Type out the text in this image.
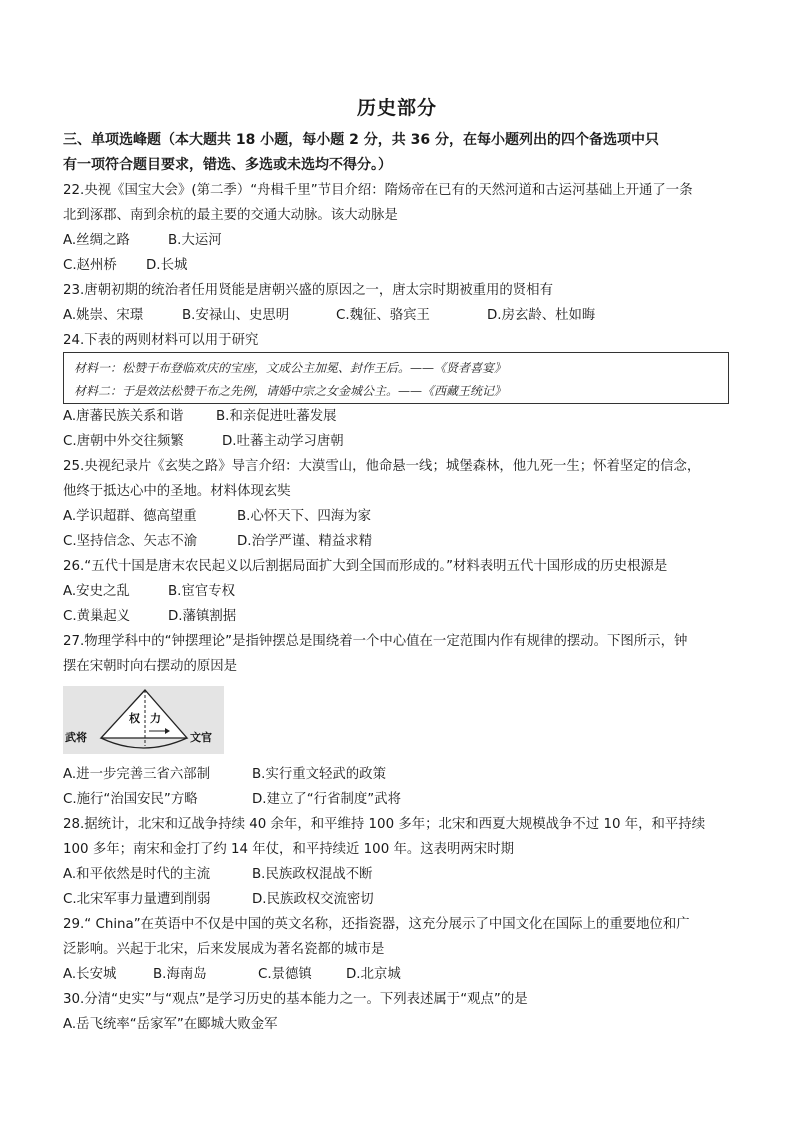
历史部分
三、单项选峰题（本大题共 18 小题，每小题 2 分，共 36 分，在每小题列出的四个备选项中只
有一项符合题目要求，错选、多选或未选均不得分。）
22.央视《国宝大会》(第二季）“舟楫千里”节目介绍：隋炀帝在已有的天然河道和古运河基础上开通了一条
北到涿郡、南到余杭的最主要的交通大动脉。该大动脉是
A.丝绸之路	B.大运河
C.赵州桥 D.长城
23.唐朝初期的统治者任用贤能是唐朝兴盛的原因之一，唐太宗时期被重用的贤相有
A.姚崇、宋璟	B.安禄山、史思明	C.魏征、骆宾王	D.房玄龄、杜如晦
24.下表的两则材料可以用于研究
材料一：松赞干布登临欢庆的宝座，文成公主加冕、封作王后。——《贤者喜宴》
材料二：于是效法松赞干布之先例，请婚中宗之女金城公主。——《西藏王统记》
A.唐蕃民族关系和谐 B.和亲促进吐蕃发展
C.唐朝中外交往频繁	D.吐蕃主动学习唐朝
25.央视纪录片《玄奘之路》导言介绍：大漠雪山，他命悬一线；城堡森林，他九死一生；怀着坚定的信念，
他终于抵达心中的圣地。材料体现玄奘
A.学识超群、德高望重	B.心怀天下、四海为家
C.坚持信念、矢志不渝	D.治学严谨、精益求精
26.“五代十国是唐末农民起义以后割据局面扩大到全国而形成的。”材料表明五代十国形成的历史根源是
A.安史之乱	B.宦官专权
C.黄巢起义	D.藩镇割据
27.物理学科中的“钟摆理论”是指钟摆总是围绕着一个中心值在一定范围内作有规律的摆动。下图所示，钟
摆在宋朝时向右摆动的原因是
武将	文官
权 力
A.进一步完善三省六部制	B.实行重文轻武的政策
C.施行“治国安民”方略	D.建立了“行省制度”武将
28.据统计，北宋和辽战争持续 40 余年，和平维持 100 多年；北宋和西夏大规模战争不过 10 年，和平持续
100 多年；南宋和金打了约 14 年仗，和平持续近 100 年。这表明两宋时期
A.和平依然是时代的主流	B.民族政权混战不断
C.北宋军事力量遭到削弱	D.民族政权交流密切
29.“ China”在英语中不仅是中国的英文名称，还指瓷器，这充分展示了中国文化在国际上的重要地位和广
泛影响。兴起于北宋，后来发展成为著名瓷都的城市是
A.长安城	B.海南岛	C.景德镇	D.北京城
30.分清“史实”与“观点”是学习历史的基本能力之一。下列表述属于“观点”的是
A.岳飞统率“岳家军”在郾城大败金军
